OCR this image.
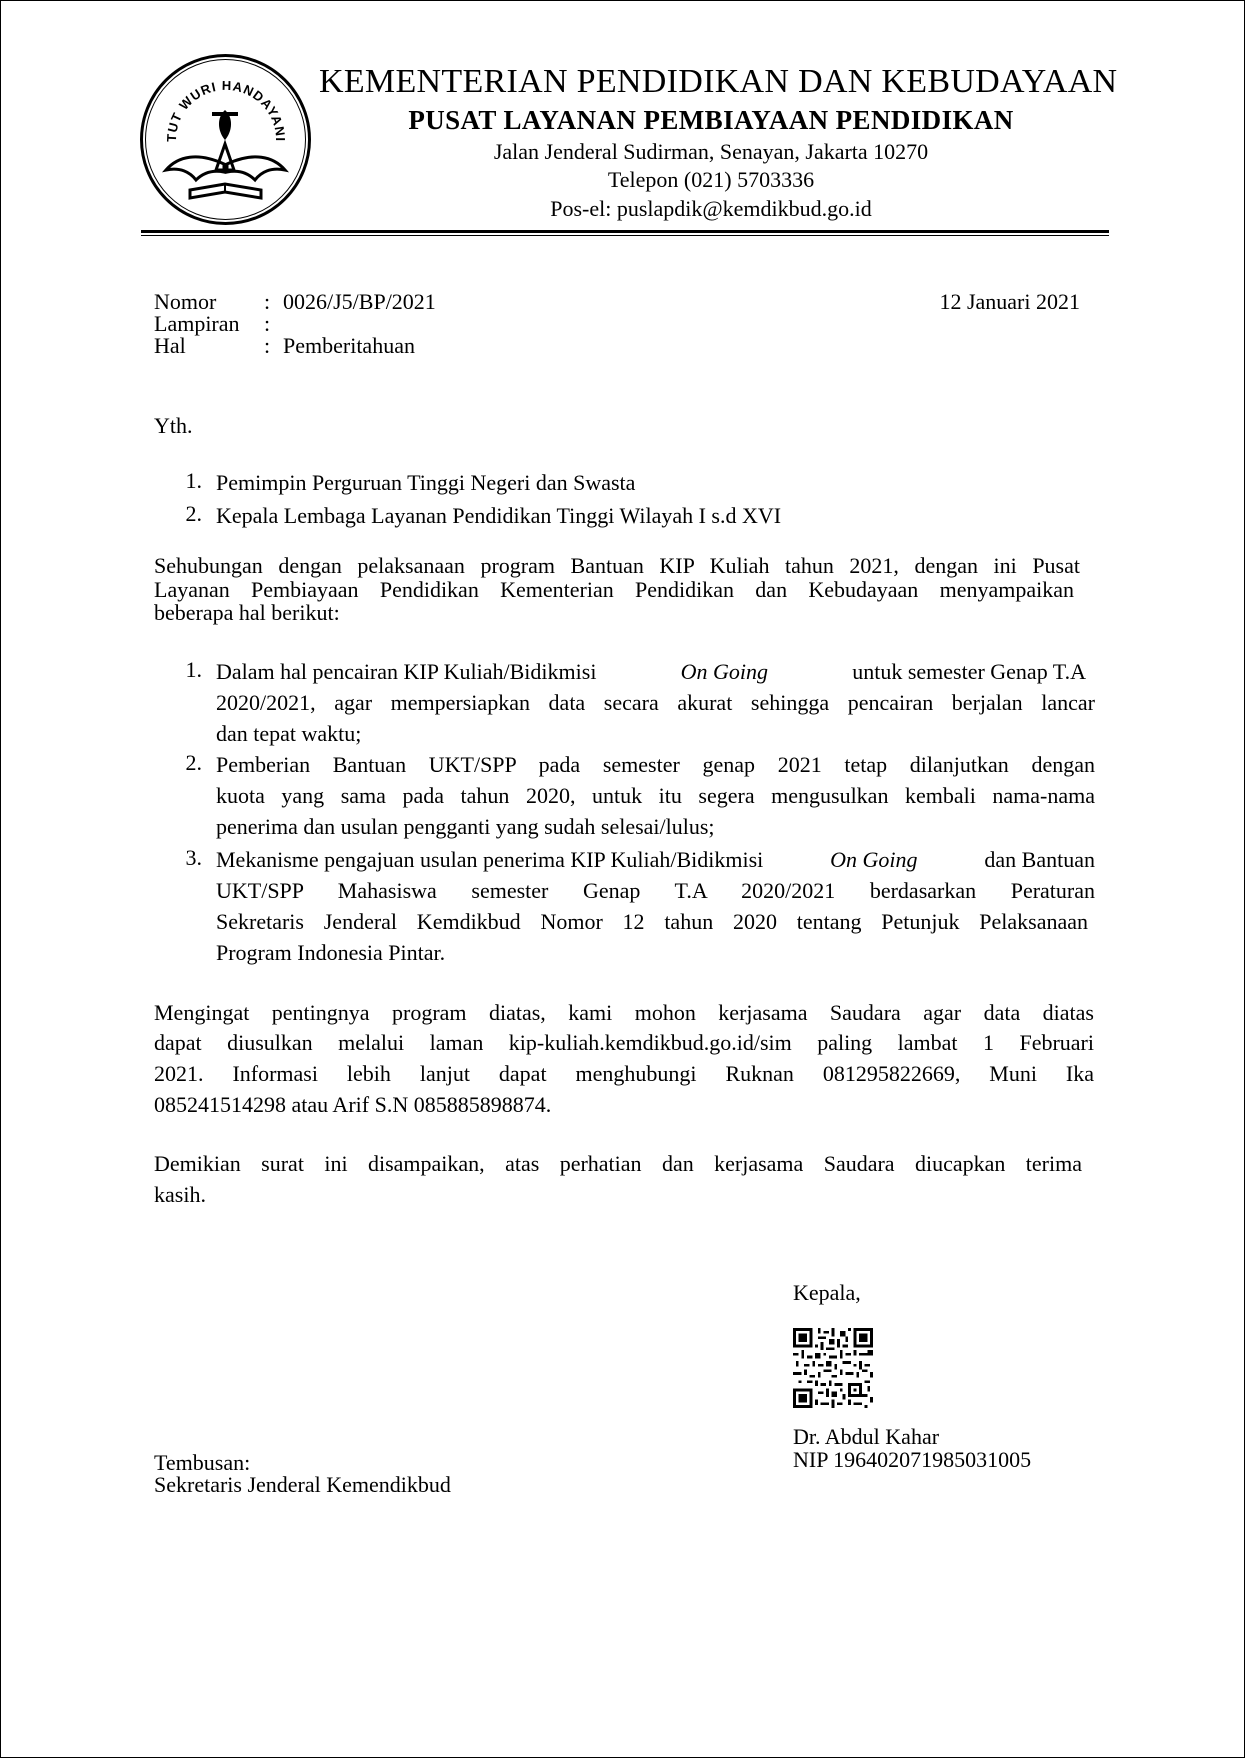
TUT WURI HANDAYANI
KEMENTERIAN PENDIDIKAN DAN KEBUDAYAAN
PUSAT LAYANAN PEMBIAYAAN PENDIDIKAN
Jalan Jenderal Sudirman, Senayan, Jakarta 10270
Telepon (021) 5703336
Pos-el: puslapdik@kemdikbud.go.id
Nomor : 0026/J5/BP/2021
Lampiran :
Hal	: Pemberitahuan
12 Januari 2021
Yth.
1. Pemimpin Perguruan Tinggi Negeri dan Swasta
2. Kepala Lembaga Layanan Pendidikan Tinggi Wilayah I s.d XVI
Sehubungan dengan pelaksanaan program Bantuan KIP Kuliah tahun 2021, dengan ini Pusat
Layanan Pembiayaan Pendidikan Kementerian Pendidikan dan Kebudayaan menyampaikan
beberapa hal berikut:
1. Dalam hal pencairan KIP Kuliah/Bidikmisi	On Going	untuk semester Genap T.A
2020/2021, agar mempersiapkan data secara akurat sehingga pencairan berjalan lancar
dan tepat waktu;
2. Pemberian Bantuan UKT/SPP pada semester genap 2021 tetap dilanjutkan dengan
kuota yang sama pada tahun 2020, untuk itu segera mengusulkan kembali nama-nama
penerima dan usulan pengganti yang sudah selesai/lulus;
3. Mekanisme pengajuan usulan penerima KIP Kuliah/Bidikmisi	On Going	dan Bantuan
UKT/SPP Mahasiswa semester Genap T.A 2020/2021 berdasarkan Peraturan
Sekretaris Jenderal Kemdikbud Nomor 12 tahun 2020 tentang Petunjuk Pelaksanaan
Program Indonesia Pintar.
Mengingat pentingnya program diatas, kami mohon kerjasama Saudara agar data diatas
dapat diusulkan melalui laman kip-kuliah.kemdikbud.go.id/sim paling lambat 1 Februari
2021. Informasi lebih lanjut dapat menghubungi Ruknan 081295822669, Muni Ika
085241514298 atau Arif S.N 085885898874.
Demikian surat ini disampaikan, atas perhatian dan kerjasama Saudara diucapkan terima
kasih.
Kepala,
Dr. Abdul Kahar
NIP 196402071985031005
Tembusan:
Sekretaris Jenderal Kemendikbud
